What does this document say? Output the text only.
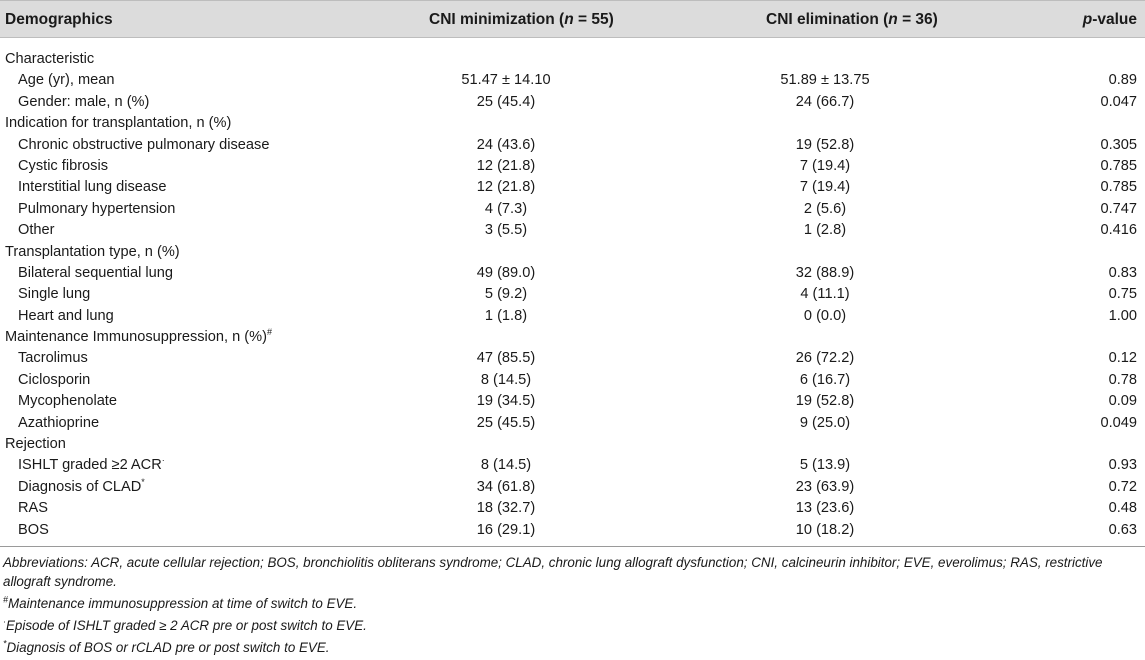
Demographics	CNI minimization (n = 55)	CNI elimination (n = 36)	p-value
Characteristic
Age (yr), mean	51.47 ± 14.10	51.89 ± 13.75	0.89
Gender: male, n (%)	25 (45.4)	24 (66.7)	0.047
Indication for transplantation, n (%)
Chronic obstructive pulmonary disease	24 (43.6)	19 (52.8)	0.305
Cystic fibrosis	12 (21.8)	7 (19.4)	0.785
Interstitial lung disease	12 (21.8)	7 (19.4)	0.785
Pulmonary hypertension	4 (7.3)	2 (5.6)	0.747
Other	3 (5.5)	1 (2.8)	0.416
Transplantation type, n (%)
Bilateral sequential lung	49 (89.0)	32 (88.9)	0.83
Single lung	5 (9.2)	4 (11.1)	0.75
Heart and lung	1 (1.8)	0 (0.0)	1.00
Maintenance Immunosuppression, n (%)#
Tacrolimus	47 (85.5)	26 (72.2)	0.12
Ciclosporin	8 (14.5)	6 (16.7)	0.78
Mycophenolate	19 (34.5)	19 (52.8)	0.09
Azathioprine	25 (45.5)	9 (25.0)	0.049
Rejection
ISHLT graded ≥2 ACR·	8 (14.5)	5 (13.9)	0.93
Diagnosis of CLAD*	34 (61.8)	23 (63.9)	0.72
RAS	18 (32.7)	13 (23.6)	0.48
BOS	16 (29.1)	10 (18.2)	0.63

Abbreviations: ACR, acute cellular rejection; BOS, bronchiolitis obliterans syndrome; CLAD, chronic lung allograft dysfunction; CNI, calcineurin inhibitor; EVE, everolimus; RAS, restrictive allograft syndrome.

#Maintenance immunosuppression at time of switch to EVE.

·Episode of ISHLT graded ≥ 2 ACR pre or post switch to EVE.

*Diagnosis of BOS or rCLAD pre or post switch to EVE.
